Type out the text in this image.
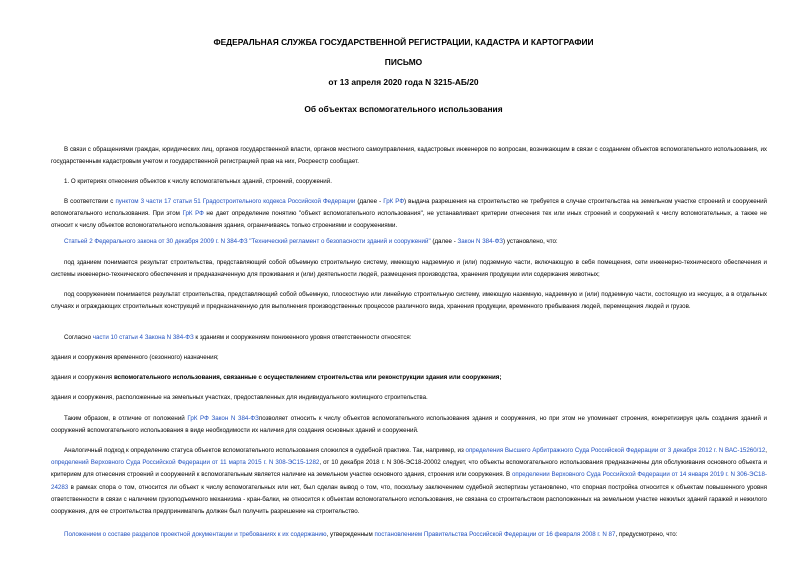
ФЕДЕРАЛЬНАЯ СЛУЖБА ГОСУДАРСТВЕННОЙ РЕГИСТРАЦИИ, КАДАСТРА И КАРТОГРАФИИ
ПИСЬМО
от 13 апреля 2020 года N 3215-АБ/20
Об объектах вспомогательного использования
В связи с обращениями граждан, юридических лиц, органов государственной власти, органов местного самоуправления, кадастровых инженеров по вопросам, возникающим в связи с созданием объектов вспомогательного использования, их государственным кадастровым учетом и государственной регистрацией прав на них, Росреестр сообщает.
1. О критериях отнесения объектов к числу вспомогательных зданий, строений, сооружений.
В соответствии с пунктом 3 части 17 статьи 51 Градостроительного кодекса Российской Федерации (далее - ГрК РФ) выдача разрешения на строительство не требуется в случае строительства на земельном участке строений и сооружений вспомогательного использования. При этом ГрК РФ не дает определение понятию "объект вспомогательного использования", не устанавливает критерии отнесения тех или иных строений и сооружений к числу вспомогательных, а также не относит к числу объектов вспомогательного использования здания, ограничиваясь только строениями и сооружениями.
Статьей 2 Федерального закона от 30 декабря 2009 г. N 384-ФЗ "Технический регламент о безопасности зданий и сооружений" (далее - Закон N 384-ФЗ) установлено, что:
под зданием понимается результат строительства, представляющий собой объемную строительную систему, имеющую надземную и (или) подземную части, включающую в себя помещения, сети инженерно-технического обеспечения и системы инженерно-технического обеспечения и предназначенную для проживания и (или) деятельности людей, размещения производства, хранения продукции или содержания животных;
под сооружением понимается результат строительства, представляющий собой объемную, плоскостную или линейную строительную систему, имеющую наземную, надземную и (или) подземную части, состоящую из несущих, а в отдельных случаях и ограждающих строительных конструкций и предназначенную для выполнения производственных процессов различного вида, хранения продукции, временного пребывания людей, перемещения людей и грузов.
Согласно части 10 статьи 4 Закона N 384-ФЗ к зданиям и сооружениям пониженного уровня ответственности относятся:
здания и сооружения временного (сезонного) назначения;
здания и сооружения вспомогательного использования, связанные с осуществлением строительства или реконструкции здания или сооружения;
здания и сооружения, расположенные на земельных участках, предоставленных для индивидуального жилищного строительства.
Таким образом, в отличие от положений ГрК РФ Закон N 384-ФЗпозволяет относить к числу объектов вспомогательного использования здания и сооружения, но при этом не упоминает строения, конкретизируя цель создания зданий и сооружений вспомогательного использования в виде необходимости их наличия для создания основных зданий и сооружений.
Аналогичный подход к определению статуса объектов вспомогательного использования сложился в судебной практике. Так, например, из определения Высшего Арбитражного Суда Российской Федерации от 3 декабря 2012 г. N ВАС-15260/12, определений Верховного Суда Российской Федерации от 11 марта 2015 г. N 308-ЭС15-1282, от 10 декабря 2018 г. N 306-ЭС18-20002 следует, что объекты вспомогательного использования предназначены для обслуживания основного объекта и критерием для отнесения строений и сооружений к вспомогательным является наличие на земельном участке основного здания, строения или сооружения. В определении Верховного Суда Российской Федерации от 14 января 2019 г. N 306-ЭС18-24283 в рамках спора о том, относится ли объект к числу вспомогательных или нет, был сделан вывод о том, что, поскольку заключением судебной экспертизы установлено, что спорная постройка относится к объектам повышенного уровня ответственности в связи с наличием грузоподъемного механизма - кран-балки, не относится к объектам вспомогательного использования, не связана со строительством расположенных на земельном участке нежилых зданий гаражей и нежилого сооружения, для ее строительства предприниматель должен был получить разрешение на строительство.
Положением о составе разделов проектной документации и требованиях к их содержанию, утвержденным постановлением Правительства Российской Федерации от 16 февраля 2008 г. N 87, предусмотрено, что:
